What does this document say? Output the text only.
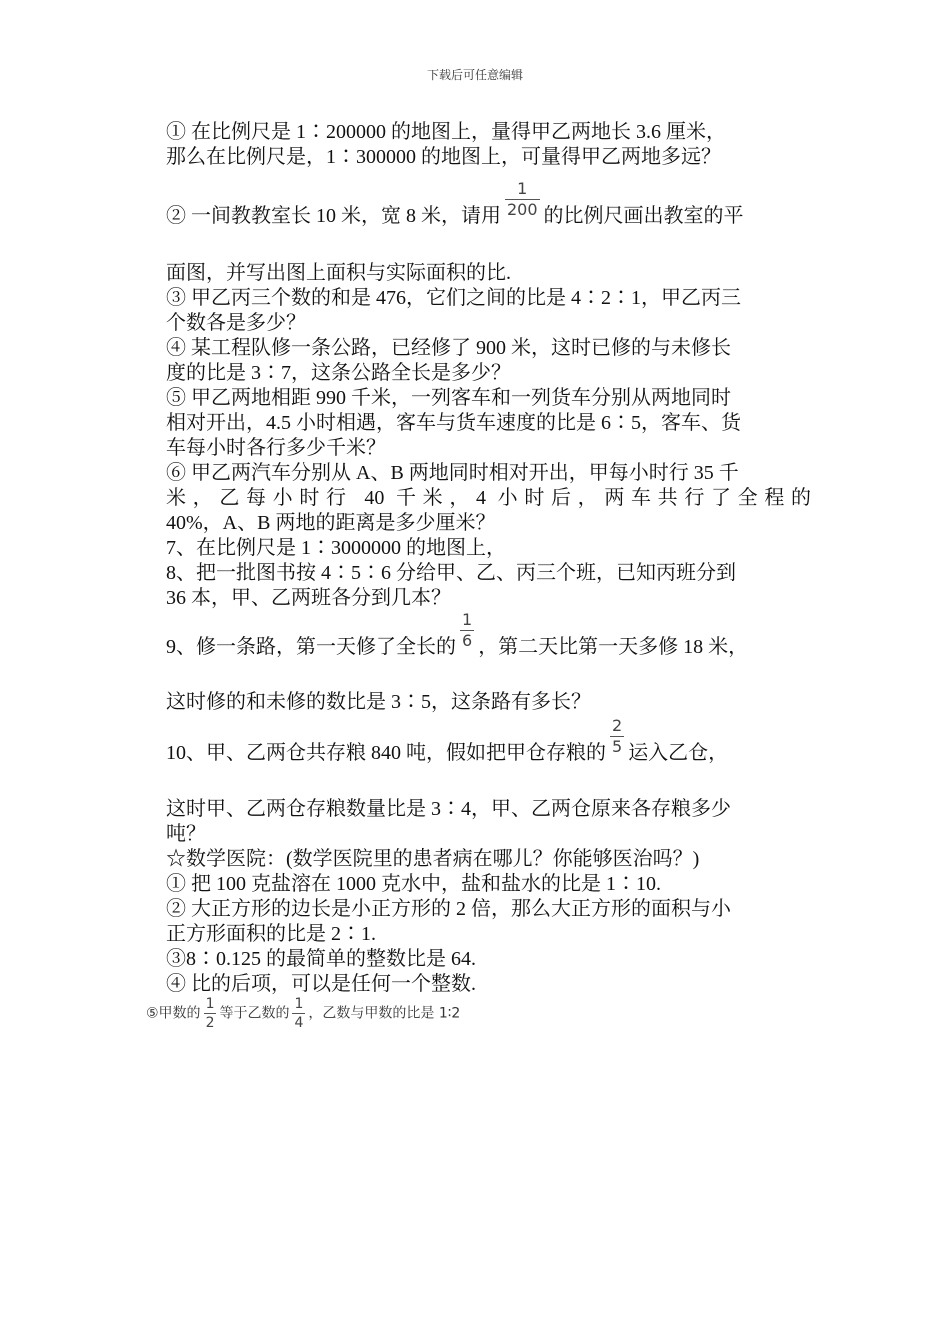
下载后可任意编辑
① 在比例尺是 1∶200000 的地图上，量得甲乙两地长 3.6 厘米，
那么在比例尺是，1∶300000 的地图上，可量得甲乙两地多远？
② 一间教教室长 10 米，宽 8 米，请用 $\frac{1}{200}$ 的比例尺画出教室的平
面图，并写出图上面积与实际面积的比.
③ 甲乙丙三个数的和是 476，它们之间的比是 4∶2∶1，甲乙丙三
个数各是多少？
④ 某工程队修一条公路，已经修了 900 米，这时已修的与未修长
度的比是 3∶7，这条公路全长是多少？
⑤ 甲乙两地相距 990 千米，一列客车和一列货车分别从两地同时
相对开出，4.5 小时相遇，客车与货车速度的比是 6∶5，客车、货
车每小时各行多少千米？
⑥ 甲乙两汽车分别从 A、B 两地同时相对开出，甲每小时行 35 千
米，乙每小时行 40 千米，4 小时后，两车共行了全程的
40%，A、B 两地的距离是多少厘米？
7、在比例尺是 1∶3000000 的地图上，
8、把一批图书按 4∶5∶6 分给甲、乙、丙三个班，已知丙班分到
36 本，甲、乙两班各分到几本？
9、修一条路，第一天修了全长的 $\frac{1}{6}$ ，第二天比第一天多修 18 米，
这时修的和未修的数比是 3∶5，这条路有多长？
10、甲、乙两仓共存粮 840 吨，假如把甲仓存粮的 $\frac{2}{5}$ 运入乙仓，
这时甲、乙两仓存粮数量比是 3∶4，甲、乙两仓原来各存粮多少
吨？
☆数学医院：(数学医院里的患者病在哪儿？你能够医治吗？)
① 把 100 克盐溶在 1000 克水中，盐和盐水的比是 1∶10.
② 大正方形的边长是小正方形的 2 倍，那么大正方形的面积与小
正方形面积的比是 2∶1.
③8∶0.125 的最简单的整数比是 64.
④ 比的后项，可以是任何一个整数.
⑤甲数的 $\frac{1}{2}$ 等于乙数的 $\frac{1}{4}$ ，乙数与甲数的比是 1∶2
